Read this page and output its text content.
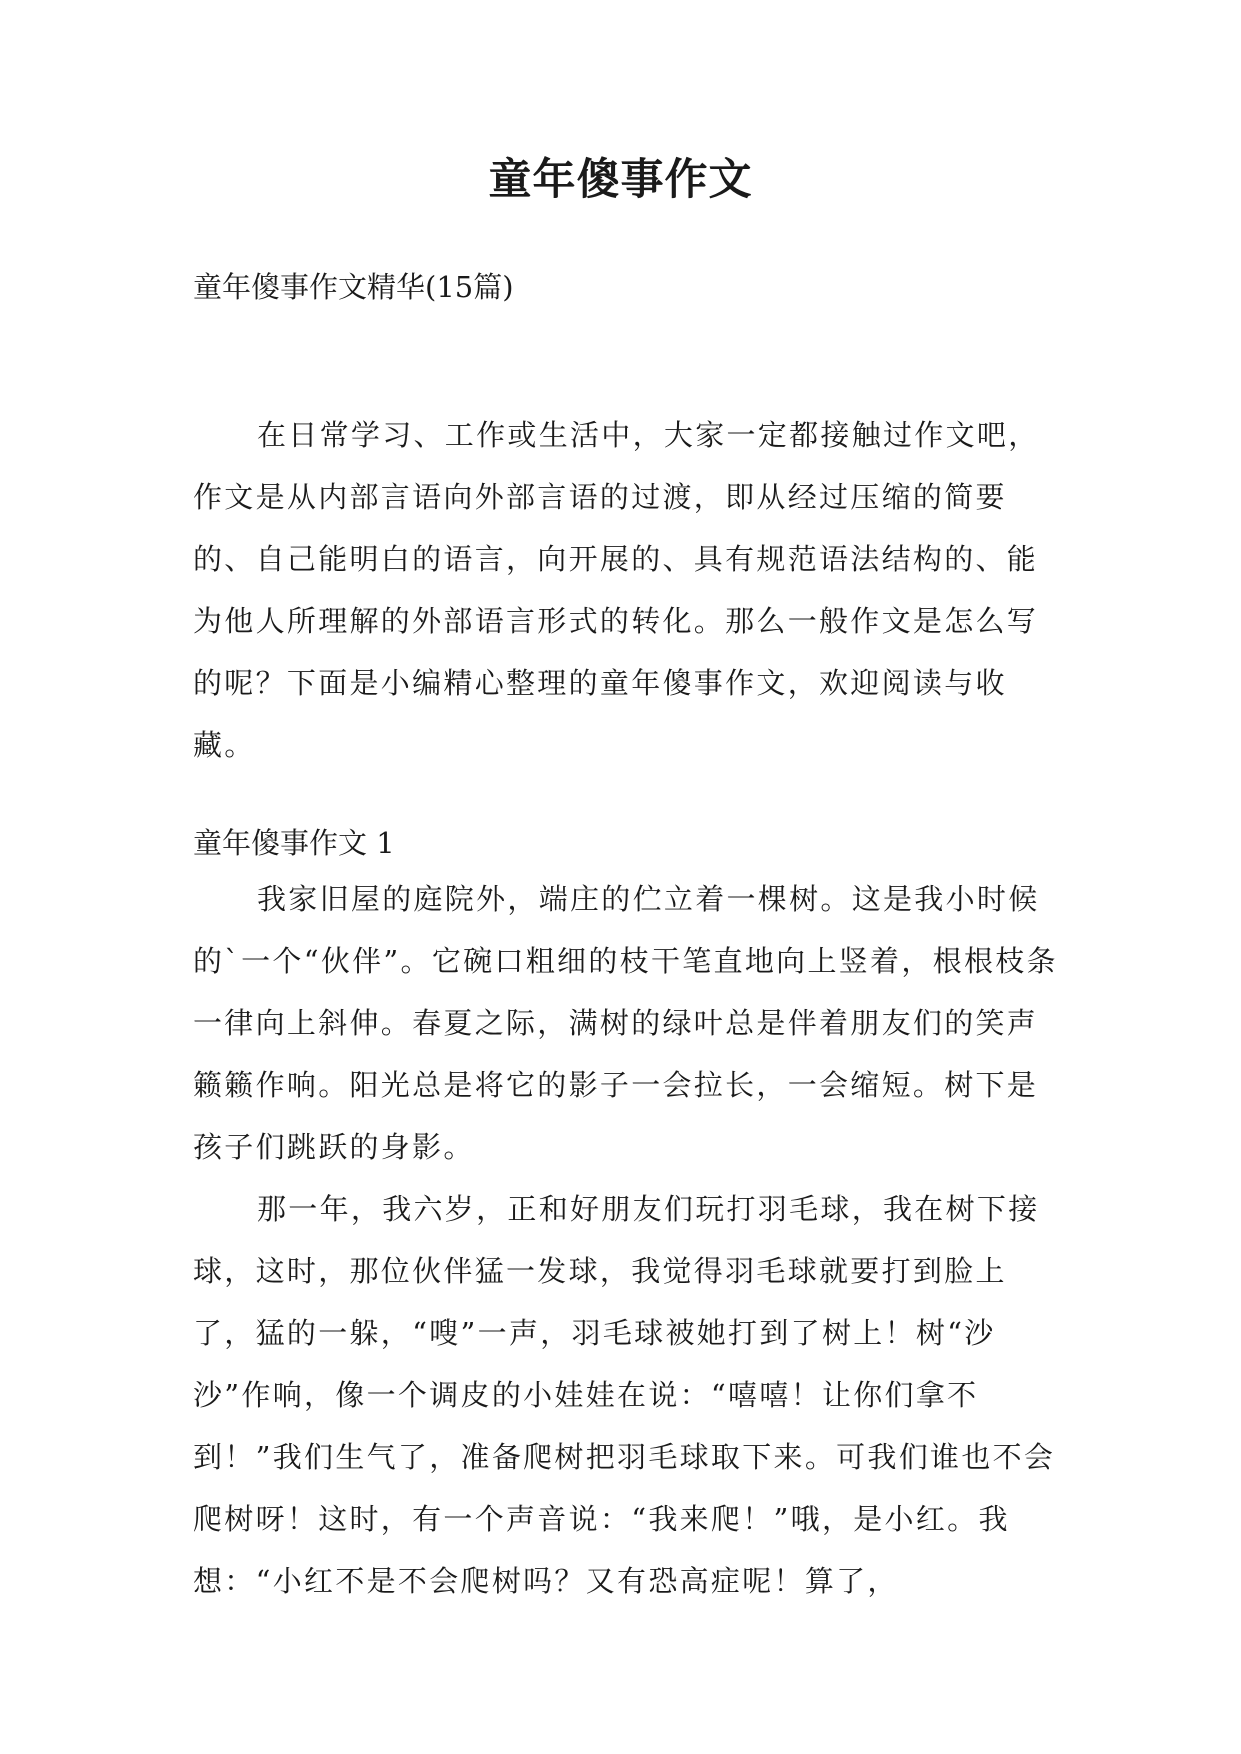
童年傻事作文
童年傻事作文精华(15篇)

在日常学习、工作或生活中，大家一定都接触过作文吧，作文是从内部言语向外部言语的过渡，即从经过压缩的简要的、自己能明白的语言，向开展的、具有规范语法结构的、能为他人所理解的外部语言形式的转化。那么一般作文是怎么写的呢？下面是小编精心整理的童年傻事作文，欢迎阅读与收藏。

童年傻事作文 1

我家旧屋的庭院外，端庄的伫立着一棵树。这是我小时候的`一个“伙伴”。它碗口粗细的枝干笔直地向上竖着，根根枝条一律向上斜伸。春夏之际，满树的绿叶总是伴着朋友们的笑声籁籁作响。阳光总是将它的影子一会拉长，一会缩短。树下是孩子们跳跃的身影。

那一年，我六岁，正和好朋友们玩打羽毛球，我在树下接球，这时，那位伙伴猛一发球，我觉得羽毛球就要打到脸上了，猛的一躲，“嗖”一声，羽毛球被她打到了树上！树“沙沙”作响，像一个调皮的小娃娃在说：“嘻嘻！让你们拿不到！”我们生气了，准备爬树把羽毛球取下来。可我们谁也不会爬树呀！这时，有一个声音说：“我来爬！”哦，是小红。我想：“小红不是不会爬树吗？又有恐高症呢！算了，
